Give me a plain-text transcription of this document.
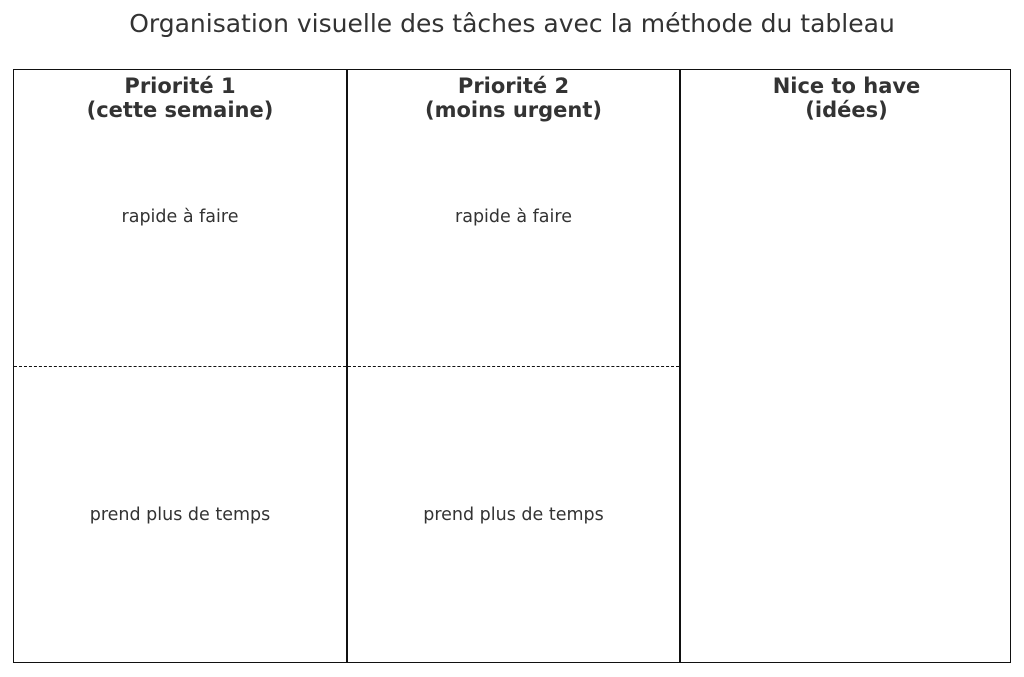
Organisation visuelle des tâches avec la méthode du tableau
Priorité 1
(cette semaine)
rapide à faire
prend plus de temps
Priorité 2
(moins urgent)
rapide à faire
prend plus de temps
Nice to have
(idées)
